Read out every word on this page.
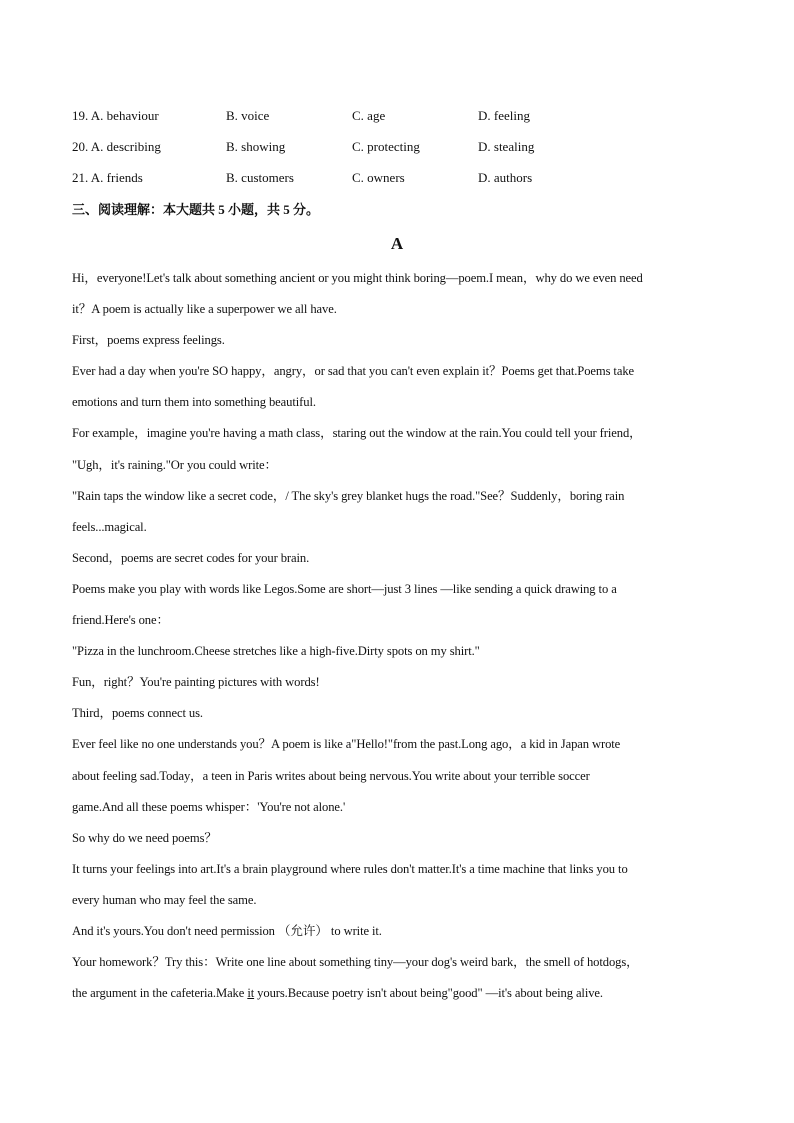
19. A. behaviour	B. voice	C. age	D. feeling
20. A. describing	B. showing	C. protecting	D. stealing
21. A. friends	B. customers	C. owners	D. authors
三、阅读理解：本大题共 5 小题，共 5 分。
A

Hi，everyone!Let's talk about something ancient or you might think boring—poem.I mean，why do we even need

it？A poem is actually like a superpower we all have.

First，poems express feelings.

Ever had a day when you're SO happy，angry，or sad that you can't even explain it？Poems get that.Poems take

emotions and turn them into something beautiful.

For example，imagine you're having a math class，staring out the window at the rain.You could tell your friend，

"Ugh，it's raining."Or you could write：

"Rain taps the window like a secret code，/ The sky's grey blanket hugs the road."See？Suddenly，boring rain

feels...magical.

Second，poems are secret codes for your brain.

Poems make you play with words like Legos.Some are short—just 3 lines —like sending a quick drawing to a

friend.Here's one：

"Pizza in the lunchroom.Cheese stretches like a high-five.Dirty spots on my shirt."

Fun，right？You're painting pictures with words!

Third，poems connect us.

Ever feel like no one understands you？A poem is like a"Hello!"from the past.Long ago，a kid in Japan wrote

about feeling sad.Today，a teen in Paris writes about being nervous.You write about your terrible soccer

game.And all these poems whisper：'You're not alone.'

So why do we need poems？

It turns your feelings into art.It's a brain playground where rules don't matter.It's a time machine that links you to

every human who may feel the same.

And it's yours.You don't need permission （允许） to write it.

Your homework？Try this：Write one line about something tiny—your dog's weird bark，the smell of hotdogs，

the argument in the cafeteria.Make it yours.Because poetry isn't about being"good" —it's about being alive.
